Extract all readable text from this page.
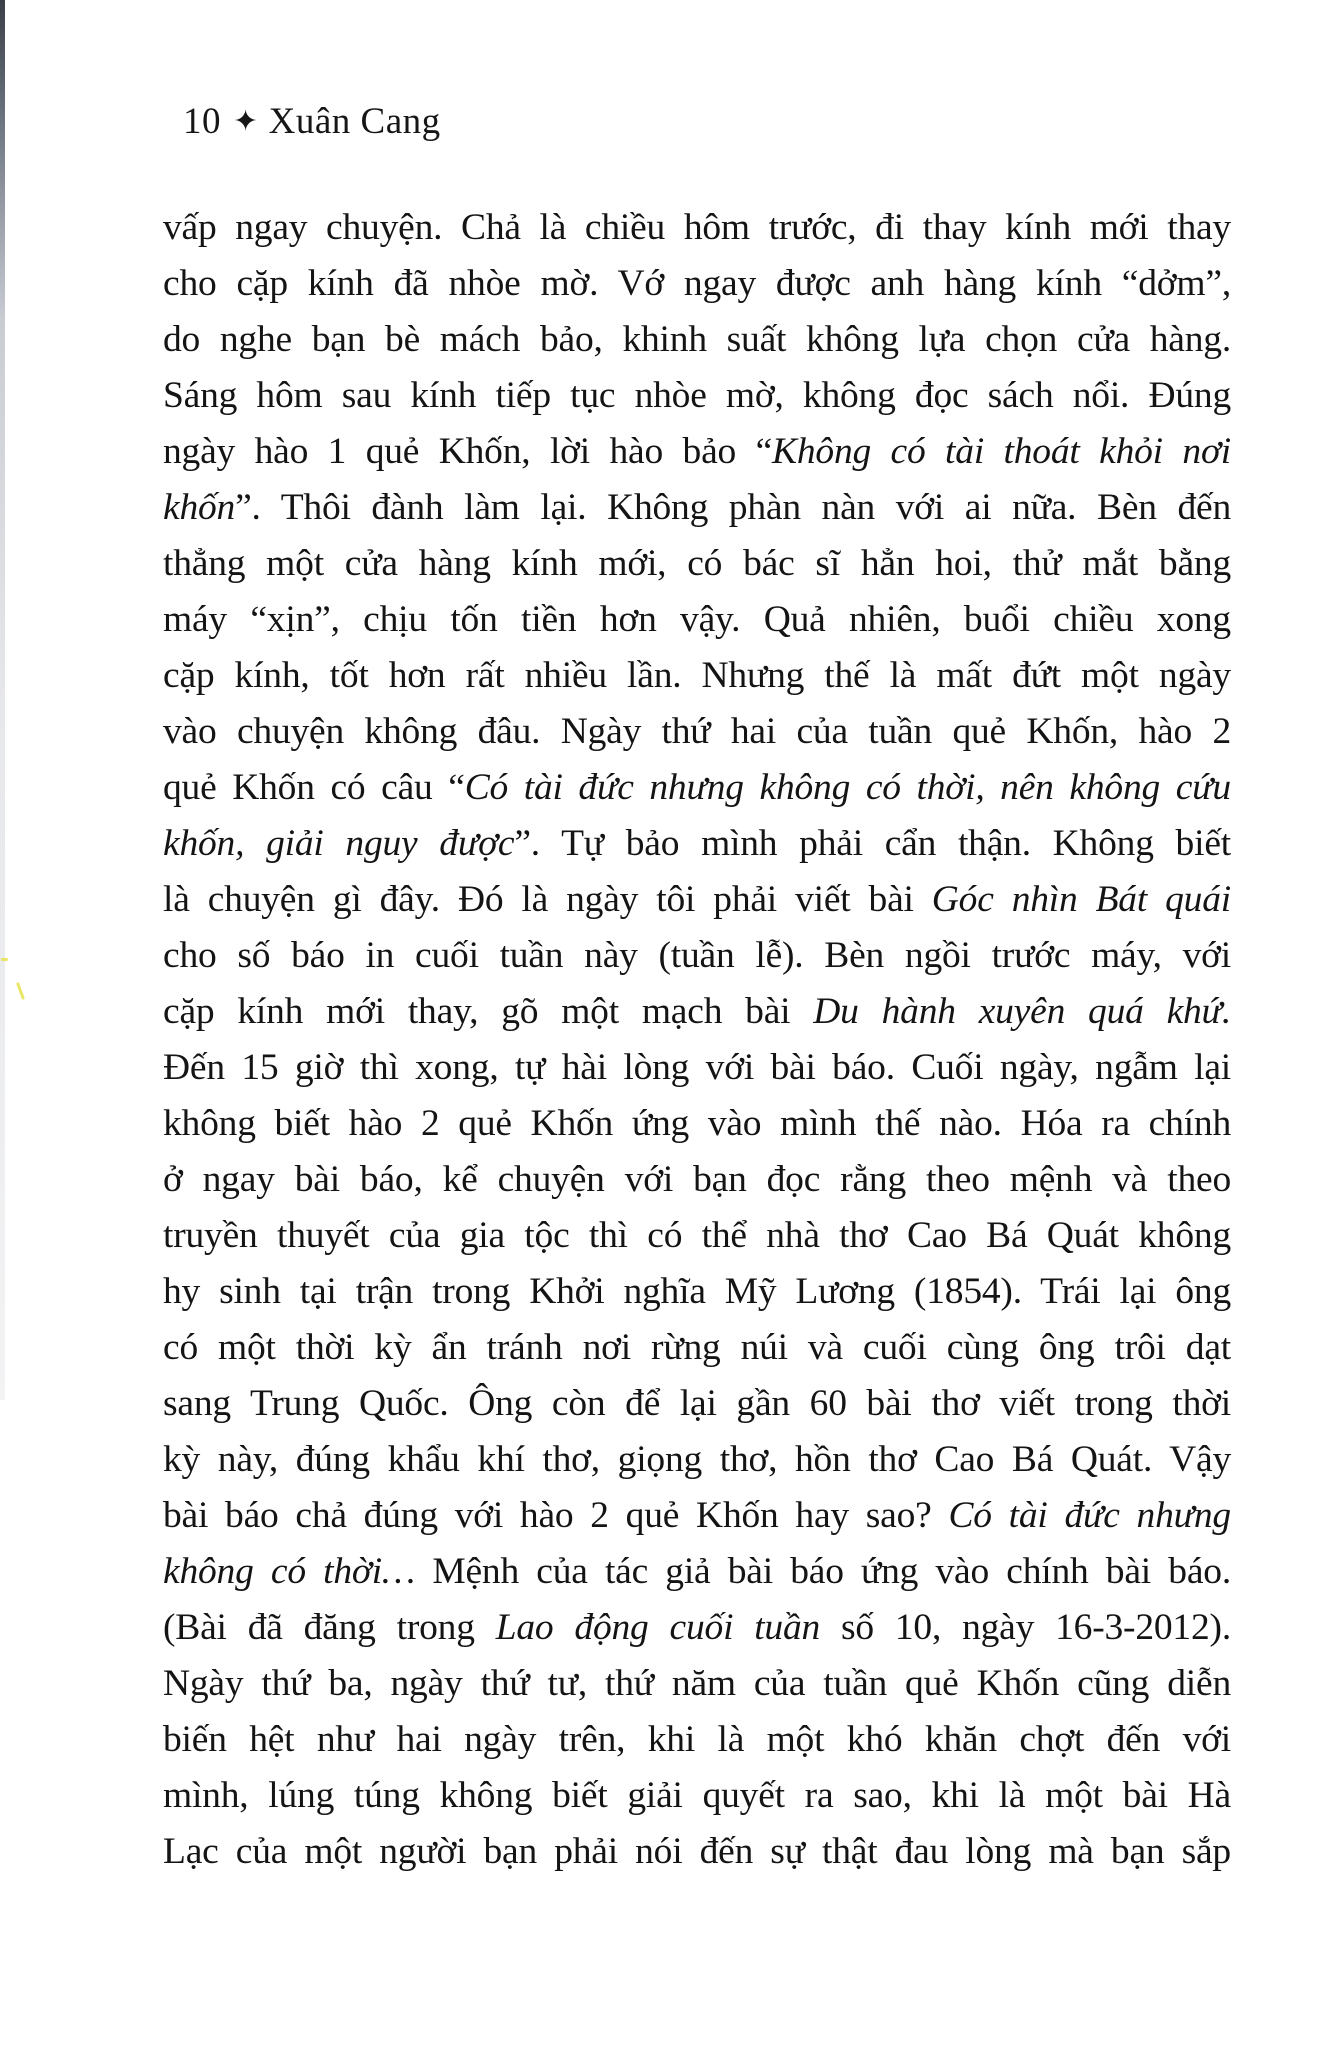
10 ✦ Xuân Cang
vấp ngay chuyện. Chả là chiều hôm trước, đi thay kính mới thay
cho cặp kính đã nhòe mờ. Vớ ngay được anh hàng kính “dởm”,
do nghe bạn bè mách bảo, khinh suất không lựa chọn cửa hàng.
Sáng hôm sau kính tiếp tục nhòe mờ, không đọc sách nổi. Đúng
ngày hào 1 quẻ Khốn, lời hào bảo “Không có tài thoát khỏi nơi
khốn”. Thôi đành làm lại. Không phàn nàn với ai nữa. Bèn đến
thẳng một cửa hàng kính mới, có bác sĩ hẳn hoi, thử mắt bằng
máy “xịn”, chịu tốn tiền hơn vậy. Quả nhiên, buổi chiều xong
cặp kính, tốt hơn rất nhiều lần. Nhưng thế là mất đứt một ngày
vào chuyện không đâu. Ngày thứ hai của tuần quẻ Khốn, hào 2
quẻ Khốn có câu “Có tài đức nhưng không có thời, nên không cứu
khốn, giải nguy được”. Tự bảo mình phải cẩn thận. Không biết
là chuyện gì đây. Đó là ngày tôi phải viết bài Góc nhìn Bát quái
cho số báo in cuối tuần này (tuần lễ). Bèn ngồi trước máy, với
cặp kính mới thay, gõ một mạch bài Du hành xuyên quá khứ.
Đến 15 giờ thì xong, tự hài lòng với bài báo. Cuối ngày, ngẫm lại
không biết hào 2 quẻ Khốn ứng vào mình thế nào. Hóa ra chính
ở ngay bài báo, kể chuyện với bạn đọc rằng theo mệnh và theo
truyền thuyết của gia tộc thì có thể nhà thơ Cao Bá Quát không
hy sinh tại trận trong Khởi nghĩa Mỹ Lương (1854). Trái lại ông
có một thời kỳ ẩn tránh nơi rừng núi và cuối cùng ông trôi dạt
sang Trung Quốc. Ông còn để lại gần 60 bài thơ viết trong thời
kỳ này, đúng khẩu khí thơ, giọng thơ, hồn thơ Cao Bá Quát. Vậy
bài báo chả đúng với hào 2 quẻ Khốn hay sao? Có tài đức nhưng
không có thời… Mệnh của tác giả bài báo ứng vào chính bài báo.
(Bài đã đăng trong Lao động cuối tuần số 10, ngày 16-3-2012).
Ngày thứ ba, ngày thứ tư, thứ năm của tuần quẻ Khốn cũng diễn
biến hệt như hai ngày trên, khi là một khó khăn chợt đến với
mình, lúng túng không biết giải quyết ra sao, khi là một bài Hà
Lạc của một người bạn phải nói đến sự thật đau lòng mà bạn sắp
